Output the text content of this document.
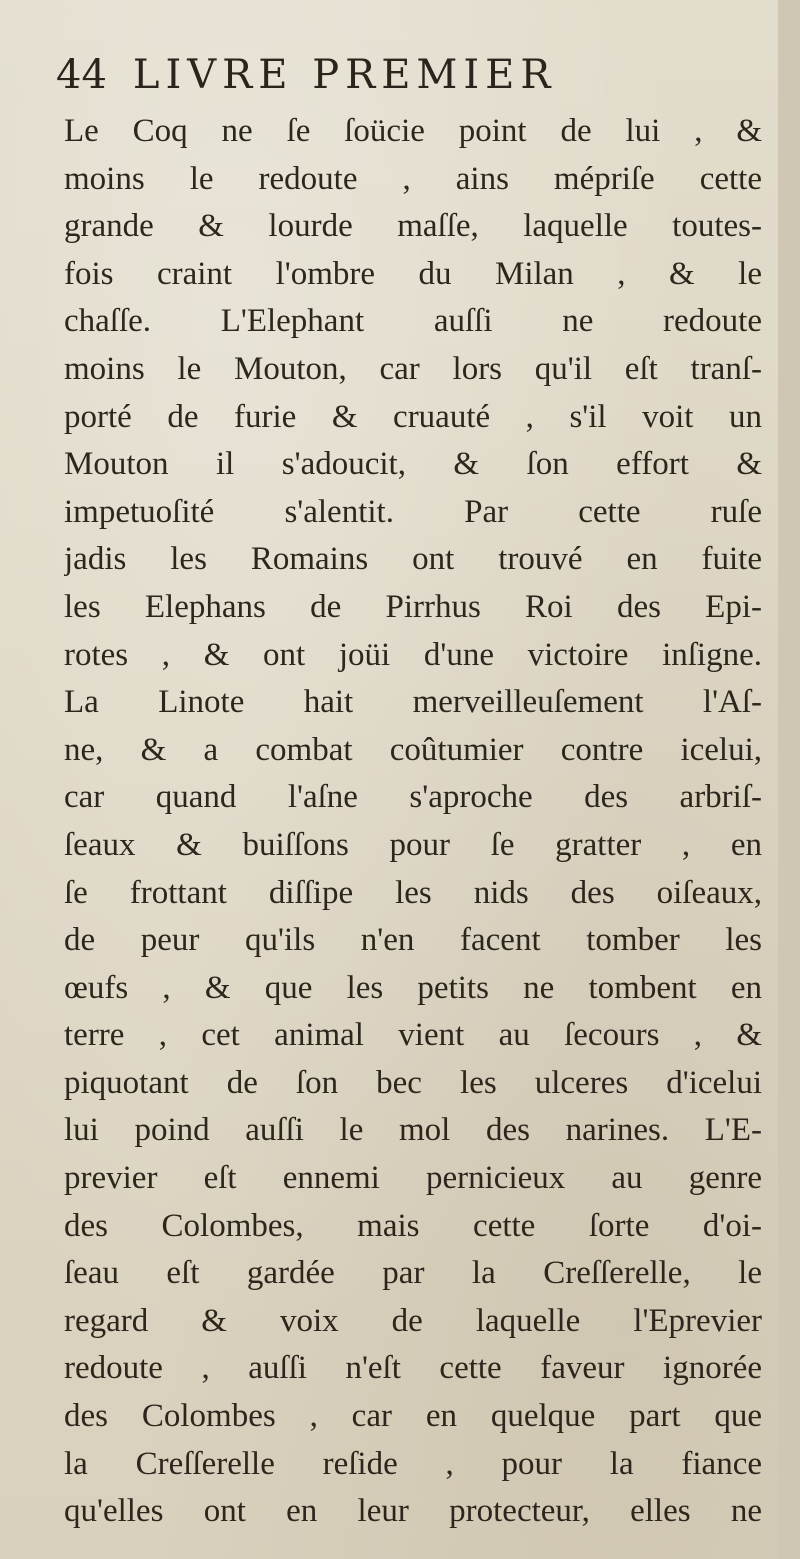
44 LIVRE PREMIER
Le Coq ne ſe ſoücie point de lui , &
moins le redoute , ains mépriſe cette
grande & lourde maſſe, laquelle toutes-
fois craint l'ombre du Milan , & le
chaſſe. L'Elephant auſſi ne redoute
moins le Mouton, car lors qu'il eſt tranſ-
porté de furie & cruauté , s'il voit un
Mouton il s'adoucit, & ſon effort &
impetuoſité s'alentit. Par cette ruſe
jadis les Romains ont trouvé en fuite
les Elephans de Pirrhus Roi des Epi-
rotes , & ont joüi d'une victoire inſigne.
La Linote hait merveilleuſement l'Aſ-
ne, & a combat coûtumier contre icelui,
car quand l'aſne s'aproche des arbriſ-
ſeaux & buiſſons pour ſe gratter , en
ſe frottant diſſipe les nids des oiſeaux,
de peur qu'ils n'en facent tomber les
œufs , & que les petits ne tombent en
terre , cet animal vient au ſecours , &
piquotant de ſon bec les ulceres d'icelui
lui poind auſſi le mol des narines. L'E-
previer eſt ennemi pernicieux au genre
des Colombes, mais cette ſorte d'oi-
ſeau eſt gardée par la Creſſerelle, le
regard & voix de laquelle l'Eprevier
redoute , auſſi n'eſt cette faveur ignorée
des Colombes , car en quelque part que
la Creſſerelle reſide , pour la fiance
qu'elles ont en leur protecteur, elles ne
